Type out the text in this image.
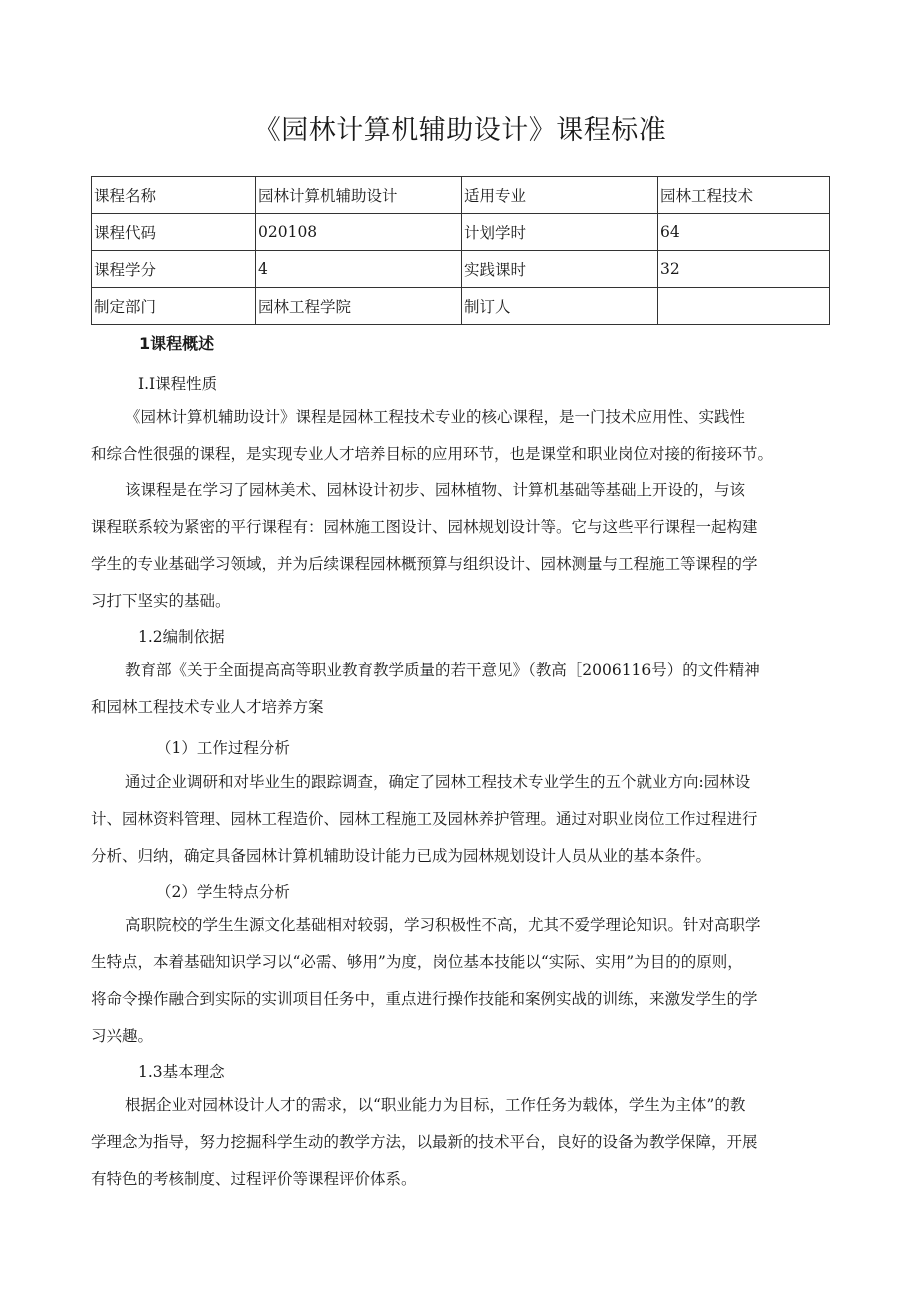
《园林计算机辅助设计》课程标准
课程名称	园林计算机辅助设计	适用专业	园林工程技术
课程代码	020108	计划学时	64
课程学分	4	实践课时	32
制定部门	园林工程学院	制订人	
1课程概述
I.I课程性质
《园林计算机辅助设计》课程是园林工程技术专业的核心课程，是一门技术应用性、实践性
和综合性很强的课程，是实现专业人才培养目标的应用环节，也是课堂和职业岗位对接的衔接环节。
该课程是在学习了园林美术、园林设计初步、园林植物、计算机基础等基础上开设的，与该
课程联系较为紧密的平行课程有：园林施工图设计、园林规划设计等。它与这些平行课程一起构建
学生的专业基础学习领域，并为后续课程园林概预算与组织设计、园林测量与工程施工等课程的学
习打下坚实的基础。
1.2编制依据
教育部《关于全面提高高等职业教育教学质量的若干意见》（教高［2006116号）的文件精神
和园林工程技术专业人才培养方案
（1）工作过程分析
通过企业调研和对毕业生的跟踪调查，确定了园林工程技术专业学生的五个就业方向:园林设
计、园林资料管理、园林工程造价、园林工程施工及园林养护管理。通过对职业岗位工作过程进行
分析、归纳，确定具备园林计算机辅助设计能力已成为园林规划设计人员从业的基本条件。
（2）学生特点分析
高职院校的学生生源文化基础相对较弱，学习积极性不高，尤其不爱学理论知识。针对高职学
生特点，本着基础知识学习以“必需、够用”为度，岗位基本技能以“实际、实用”为目的的原则，
将命令操作融合到实际的实训项目任务中，重点进行操作技能和案例实战的训练，来激发学生的学
习兴趣。
1.3基本理念
根据企业对园林设计人才的需求，以“职业能力为目标，工作任务为载体，学生为主体”的教
学理念为指导，努力挖掘科学生动的教学方法，以最新的技术平台，良好的设备为教学保障，开展
有特色的考核制度、过程评价等课程评价体系。
